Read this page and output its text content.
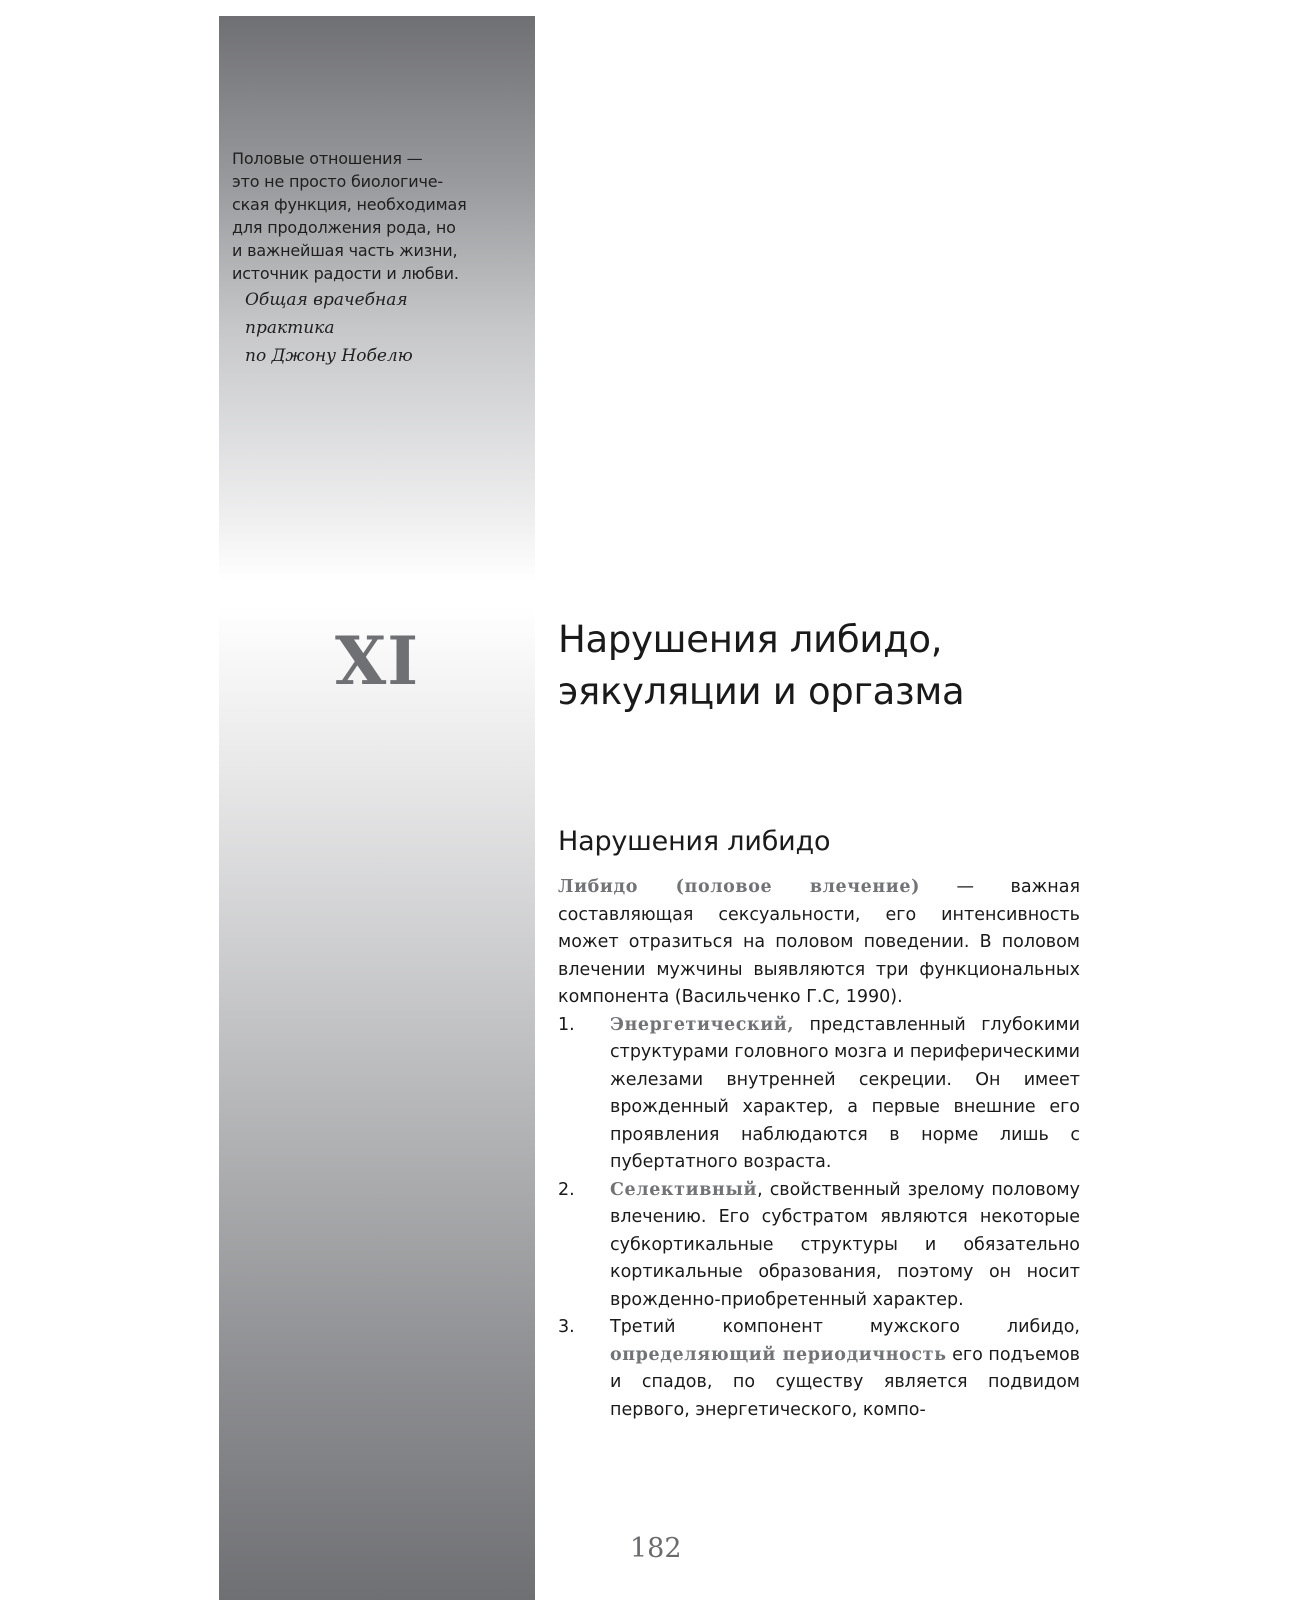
Половые отношения —
это не просто биологиче-
ская функция, необходимая
для продолжения рода, но
и важнейшая часть жизни,
источник радости и любви.
Общая врачебная
практика
по Джону Нобелю
XI	Нарушения либидо,
эякуляции и оргазма
Нарушения либидо

Либидо (половое влечение) — важная составляющая сексуальности, его интенсивность может отразиться на половом поведении. В половом влечении мужчины выявляются три функциональных компонента (Васильченко Г.С, 1990).

1. Энергетический, представленный глубокими структурами головного мозга и периферическими железами внутренней секреции. Он имеет врожденный характер, а первые внешние его проявления наблюдаются в норме лишь с пубертатного возраста.
2. Селективный, свойственный зрелому половому влечению. Его субстратом являются некоторые субкортикальные структуры и обязательно кортикальные образования, поэтому он носит врожденно-приобретенный характер.
3. Третий компонент мужского либидо, определяющий периодичность его подъемов и спадов, по существу является подвидом первого, энергетического, компо-
182
